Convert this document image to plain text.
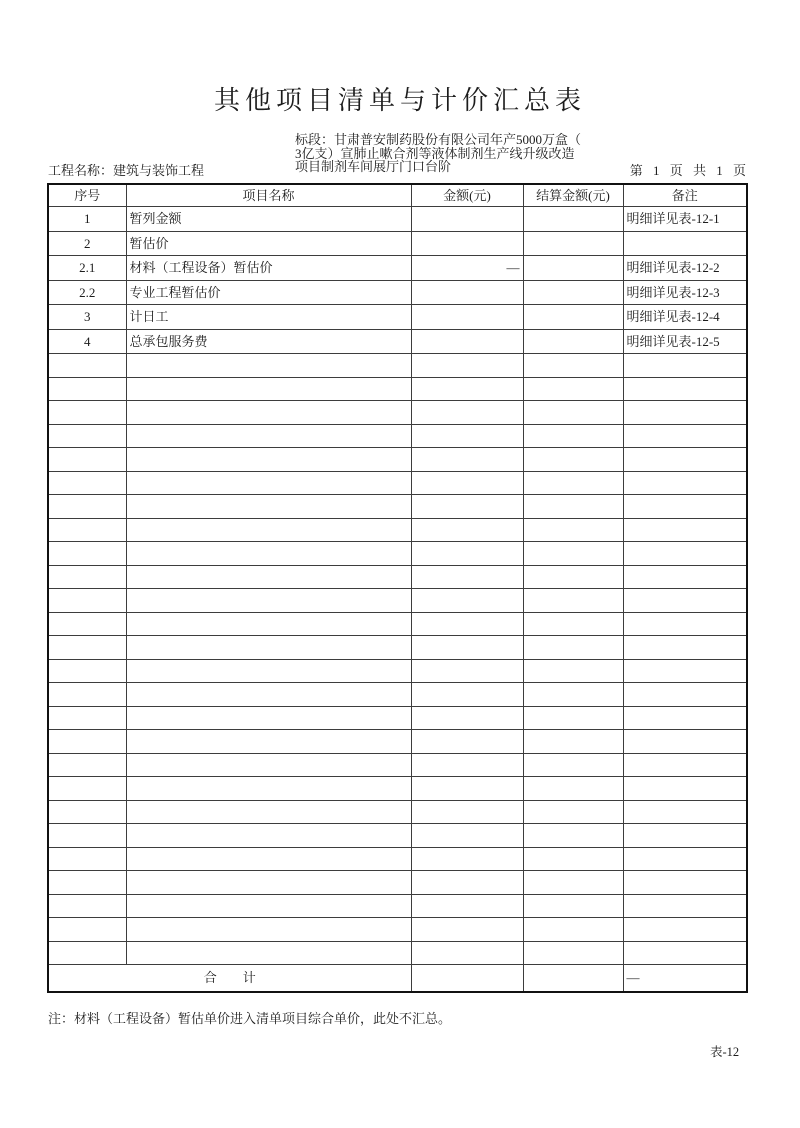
其他项目清单与计价汇总表
工程名称：建筑与装饰工程
标段：甘肃普安制药股份有限公司年产5000万盒（
3亿支）宣肺止嗽合剂等液体制剂生产线升级改造
项目制剂车间展厅门口台阶	第 1 页 共 1 页
序号	项目名称	金额(元)	结算金额(元)	备注
1	暂列金额			明细详见表-12-1
2	暂估价			
2.1	材料（工程设备）暂估价	—		明细详见表-12-2
2.2	专业工程暂估价			明细详见表-12-3
3	计日工			明细详见表-12-4
4	总承包服务费			明细详见表-12-5

合　　计				—
注：材料（工程设备）暂估单价进入清单项目综合单价，此处不汇总。
表-12
